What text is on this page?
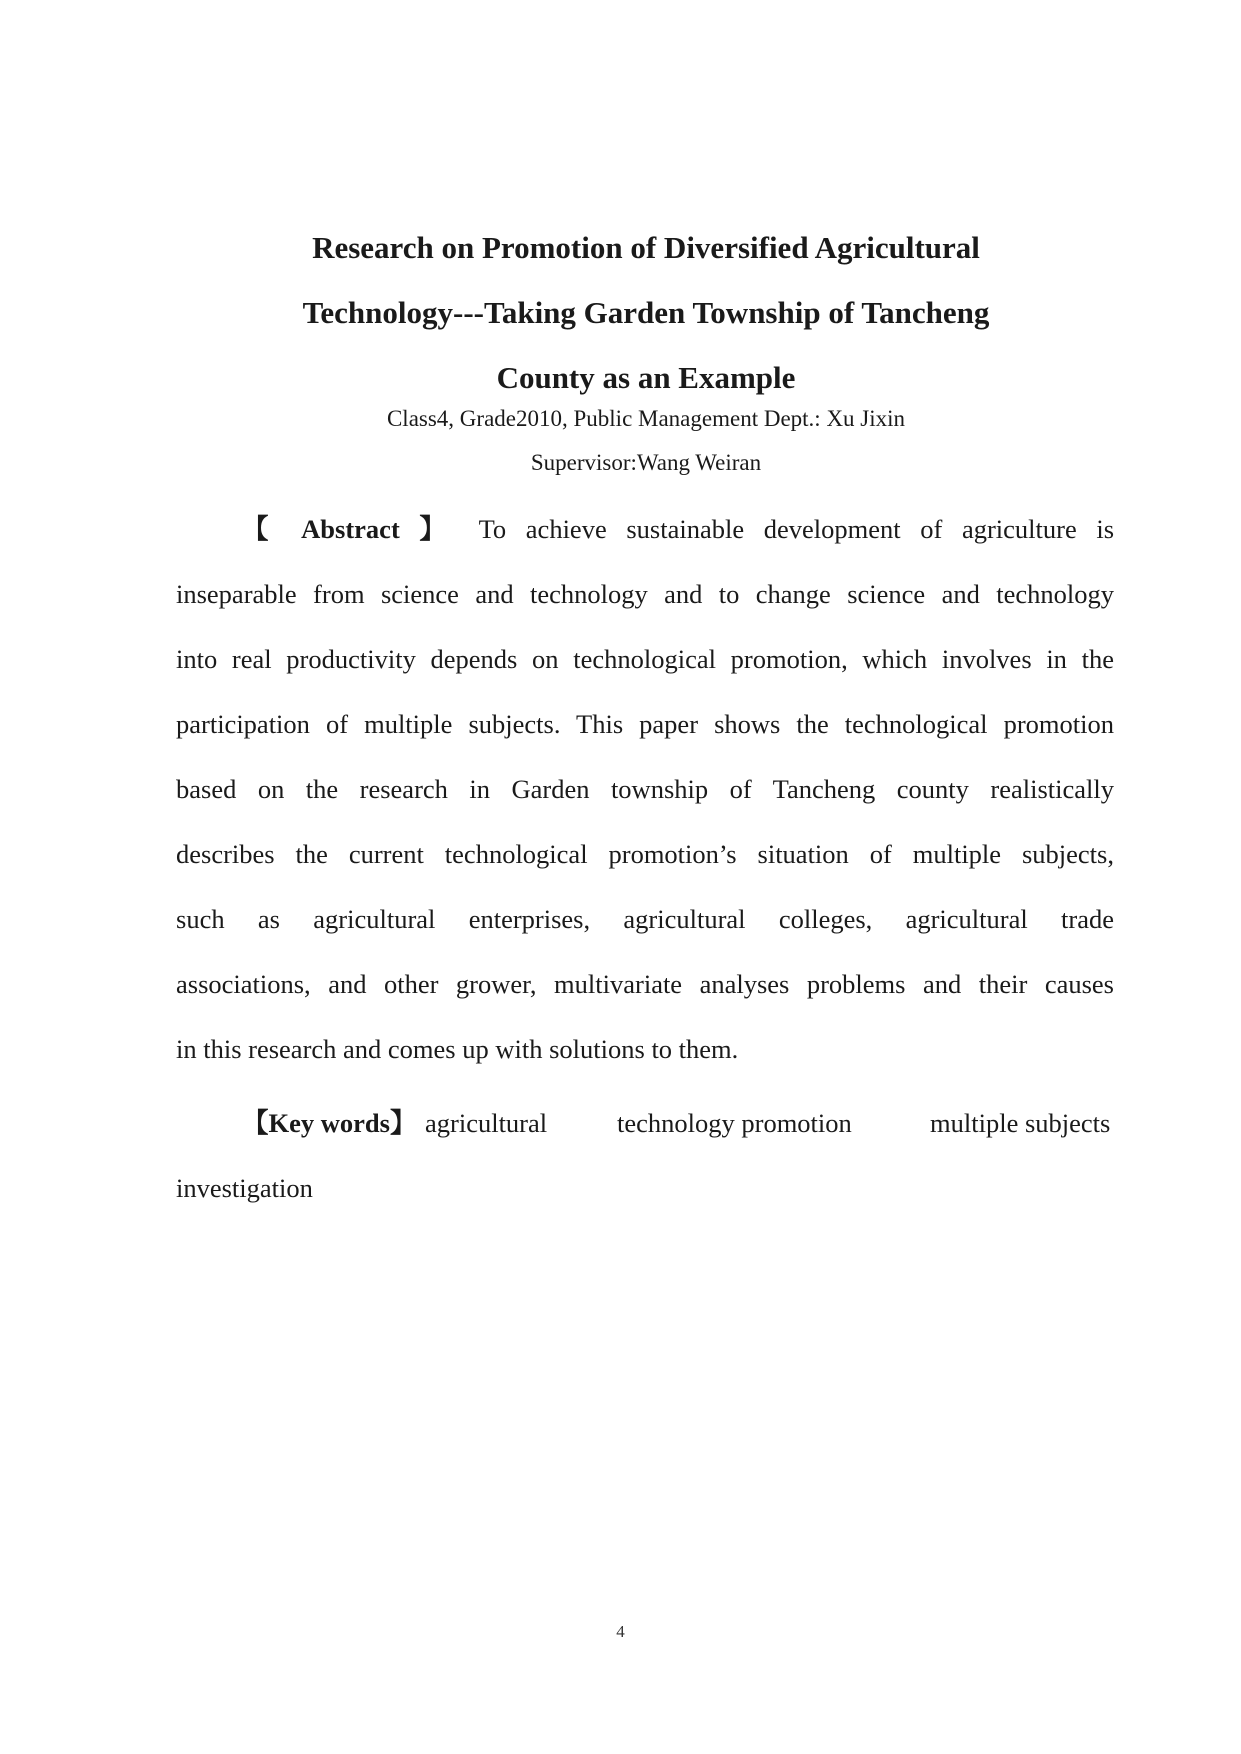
Research on Promotion of Diversified Agricultural
Technology---Taking Garden Township of Tancheng
County as an Example
Class4, Grade2010, Public Management Dept.: Xu Jixin
Supervisor:Wang Weiran
【 Abstract 】 To achieve sustainable development of agriculture is
inseparable from science and technology and to change science and technology
into real productivity depends on technological promotion, which involves in the
participation of multiple subjects. This paper shows the technological promotion
based on the research in Garden township of Tancheng county realistically
describes the current technological promotion’s situation of multiple subjects,
such as agricultural enterprises, agricultural colleges, agricultural trade
associations, and other grower, multivariate analyses problems and their causes
in this research and comes up with solutions to them.
【Key words】 agricultural	technology promotion	multiple subjects
investigation
4
